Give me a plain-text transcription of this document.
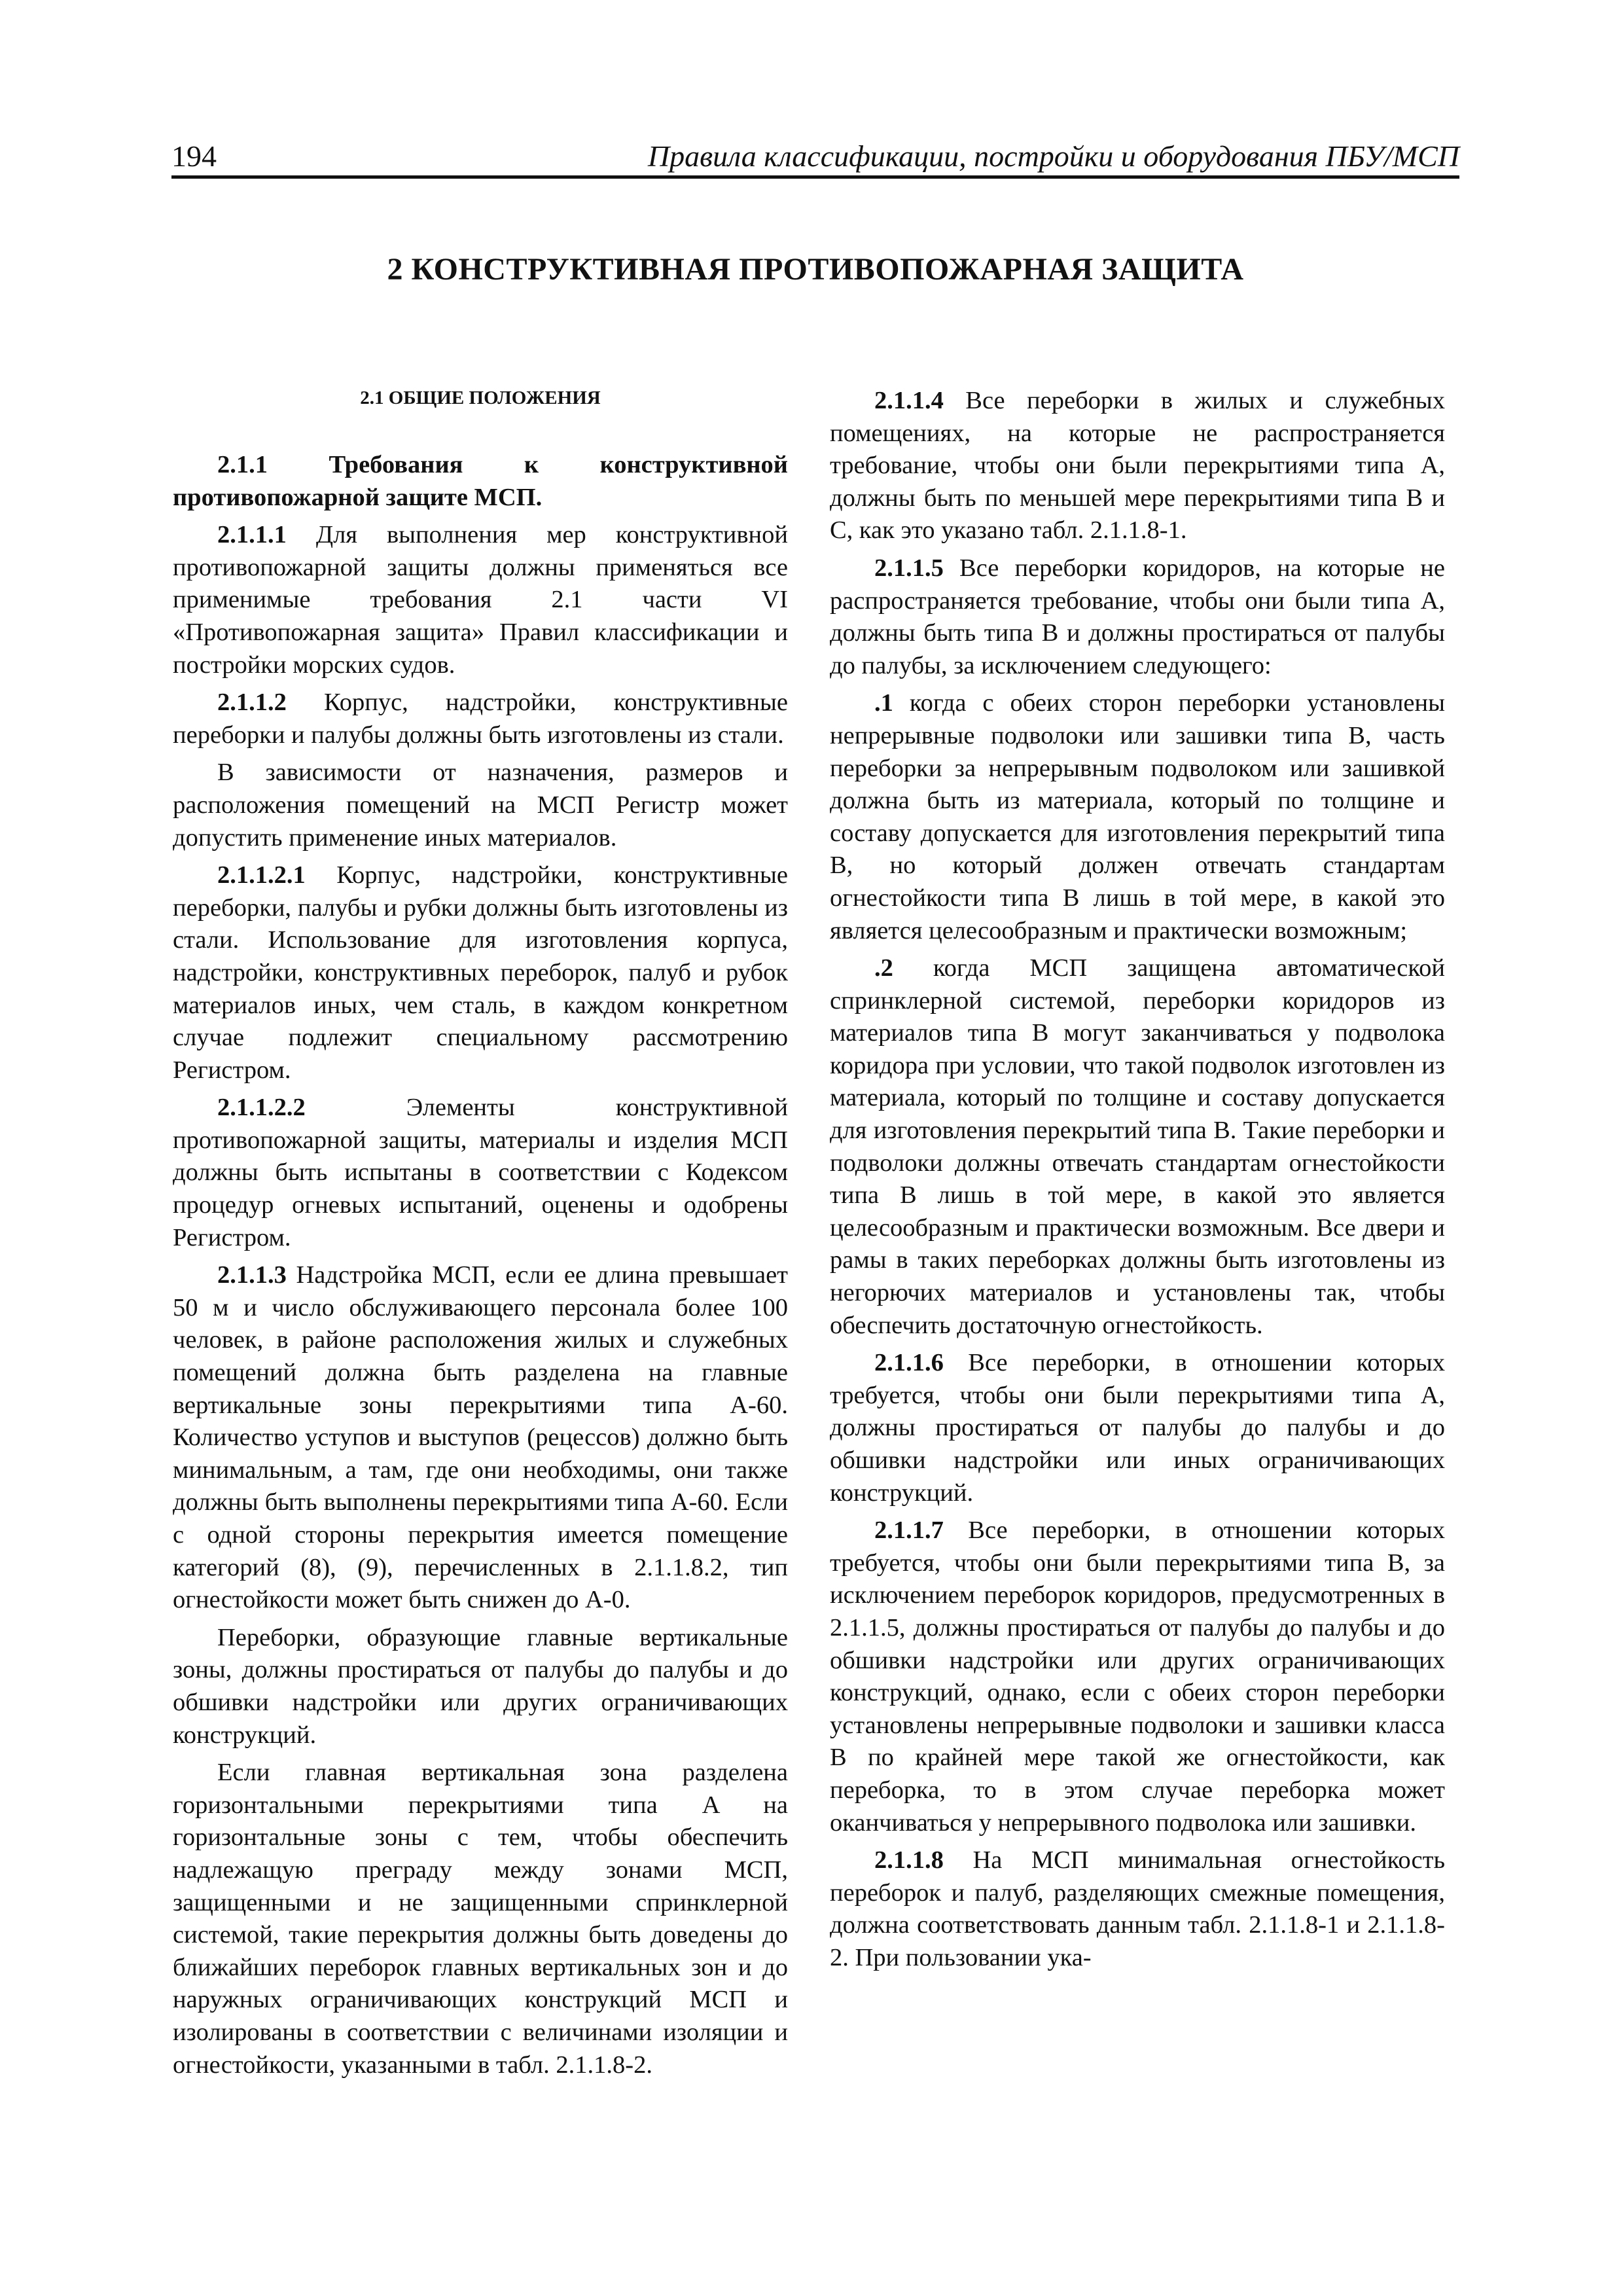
194	Правила классификации, постройки и оборудования ПБУ/МСП
2 КОНСТРУКТИВНАЯ ПРОТИВОПОЖАРНАЯ ЗАЩИТА
2.1 ОБЩИЕ ПОЛОЖЕНИЯ

2.1.1 Требования к конструктивной противопожарной защите МСП.

2.1.1.1 Для выполнения мер конструктивной противопожарной защиты должны применяться все применимые требования 2.1 части VI «Противопожарная защита» Правил классификации и постройки морских судов.

2.1.1.2 Корпус, надстройки, конструктивные переборки и палубы должны быть изготовлены из стали.

В зависимости от назначения, размеров и расположения помещений на МСП Регистр может допустить применение иных материалов.

2.1.1.2.1 Корпус, надстройки, конструктивные переборки, палубы и рубки должны быть изготовлены из стали. Использование для изготовления корпуса, надстройки, конструктивных переборок, палуб и рубок материалов иных, чем сталь, в каждом конкретном случае подлежит специальному рассмотрению Регистром.

2.1.1.2.2 Элементы конструктивной противопожарной защиты, материалы и изделия МСП должны быть испытаны в соответствии с Кодексом процедур огневых испытаний, оценены и одобрены Регистром.

2.1.1.3 Надстройка МСП, если ее длина превышает 50 м и число обслуживающего персонала более 100 человек, в районе расположения жилых и служебных помещений должна быть разделена на главные вертикальные зоны перекрытиями типа A-60. Количество уступов и выступов (рецессов) должно быть минимальным, а там, где они необходимы, они также должны быть выполнены перекрытиями типа A-60. Если с одной стороны перекрытия имеется помещение категорий (8), (9), перечисленных в 2.1.1.8.2, тип огнестойкости может быть снижен до A-0.

Переборки, образующие главные вертикальные зоны, должны простираться от палубы до палубы и до обшивки надстройки или других ограничивающих конструкций.

Если главная вертикальная зона разделена горизонтальными перекрытиями типа A на горизонтальные зоны с тем, чтобы обеспечить надлежащую преграду между зонами МСП, защищенными и не защищенными спринклерной системой, такие перекрытия должны быть доведены до ближайших переборок главных вертикальных зон и до наружных ограничивающих конструкций МСП и изолированы в соответствии с величинами изоляции и огнестойкости, указанными в табл. 2.1.1.8-2.

2.1.1.4 Все переборки в жилых и служебных помещениях, на которые не распространяется требование, чтобы они были перекрытиями типа A, должны быть по меньшей мере перекрытиями типа B и C, как это указано табл. 2.1.1.8-1.

2.1.1.5 Все переборки коридоров, на которые не распространяется требование, чтобы они были типа A, должны быть типа B и должны простираться от палубы до палубы, за исключением следующего:

.1 когда с обеих сторон переборки установлены непрерывные подволоки или зашивки типа B, часть переборки за непрерывным подволоком или зашивкой должна быть из материала, который по толщине и составу допускается для изготовления перекрытий типа B, но который должен отвечать стандартам огнестойкости типа B лишь в той мере, в какой это является целесообразным и практически возможным;

.2 когда МСП защищена автоматической спринклерной системой, переборки коридоров из материалов типа B могут заканчиваться у подволока коридора при условии, что такой подволок изготовлен из материала, который по толщине и составу допускается для изготовления перекрытий типа B. Такие переборки и подволоки должны отвечать стандартам огнестойкости типа B лишь в той мере, в какой это является целесообразным и практически возможным. Все двери и рамы в таких переборках должны быть изготовлены из негорючих материалов и установлены так, чтобы обеспечить достаточную огнестойкость.

2.1.1.6 Все переборки, в отношении которых требуется, чтобы они были перекрытиями типа A, должны простираться от палубы до палубы и до обшивки надстройки или иных ограничивающих конструкций.

2.1.1.7 Все переборки, в отношении которых требуется, чтобы они были перекрытиями типа B, за исключением переборок коридоров, предусмотренных в 2.1.1.5, должны простираться от палубы до палубы и до обшивки надстройки или других ограничивающих конструкций, однако, если с обеих сторон переборки установлены непрерывные подволоки и зашивки класса B по крайней мере такой же огнестойкости, как переборка, то в этом случае переборка может оканчиваться у непрерывного подволока или зашивки.

2.1.1.8 На МСП минимальная огнестойкость переборок и палуб, разделяющих смежные помещения, должна соответствовать данным табл. 2.1.1.8-1 и 2.1.1.8-2. При пользовании ука-
